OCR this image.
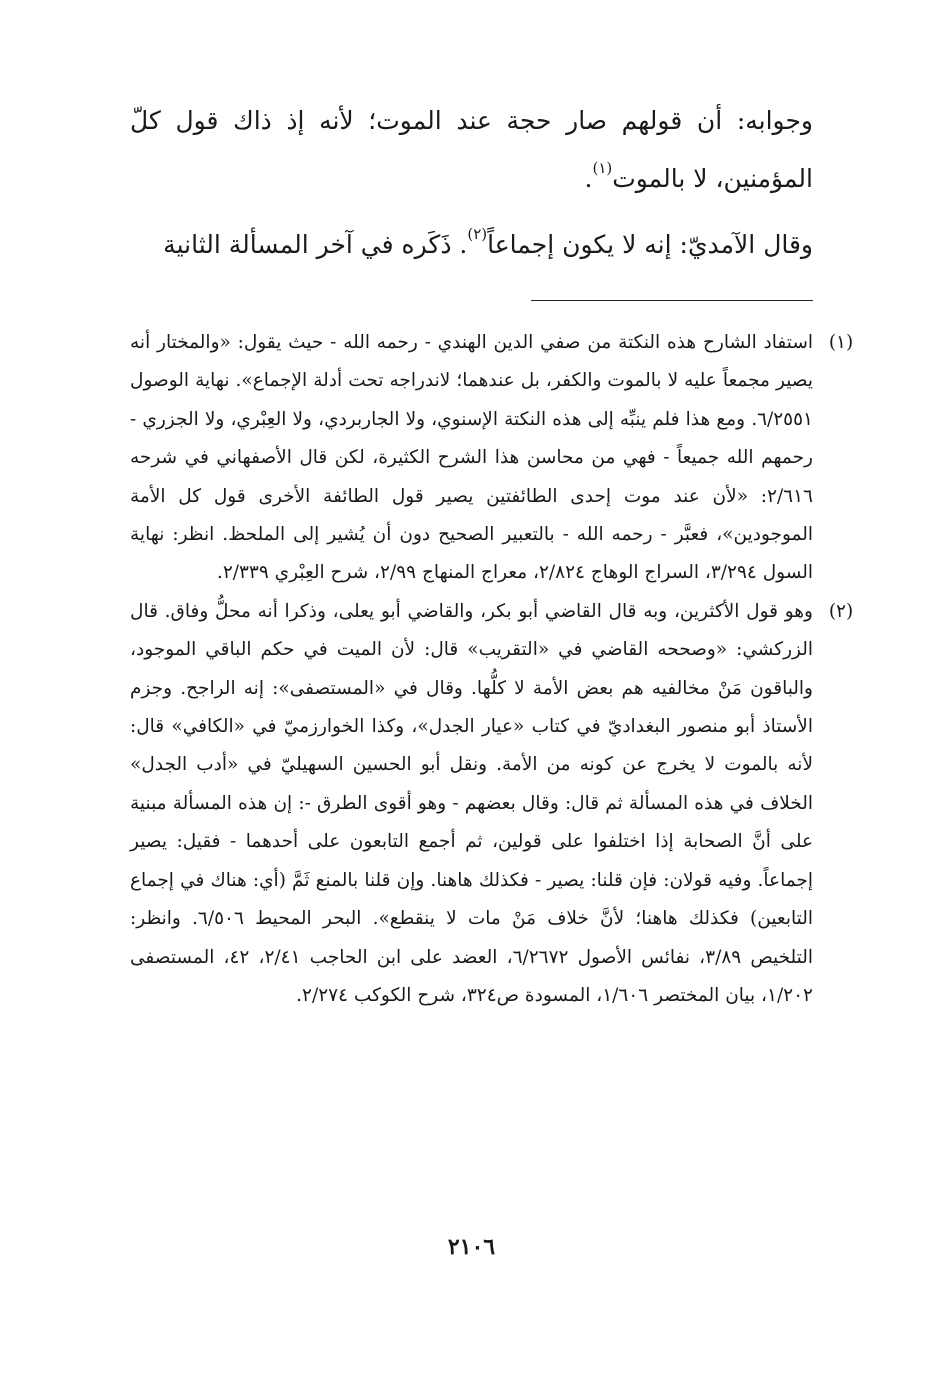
وجوابه: أن قولهم صار حجة عند الموت؛ لأنه إذ ذاك قول كلّ المؤمنين، لا بالموت$^{(١)}$.

وقال الآمديّ: إنه لا يكون إجماعاً$^{(٢)}$. ذَكَره في آخر المسألة الثانية

(١)
استفاد الشارح هذه النكتة من صفي الدين الهندي - رحمه الله - حيث يقول: «والمختار أنه يصير مجمعاً عليه لا بالموت والكفر، بل عندهما؛ لاندراجه تحت أدلة الإجماع». نهاية الوصول ٦/٢٥٥١. ومع هذا فلم ينبِّه إلى هذه النكتة الإسنوي، ولا الجاربردي، ولا العِبْري، ولا الجزري - رحمهم الله جميعاً - فهي من محاسن هذا الشرح الكثيرة، لكن قال الأصفهاني في شرحه ٢/٦١٦: «لأن عند موت إحدى الطائفتين يصير قول الطائفة الأخرى قول كل الأمة الموجودين»، فعبَّر - رحمه الله - بالتعبير الصحيح دون أن يُشير إلى الملحظ. انظر: نهاية السول ٣/٢٩٤، السراج الوهاج ٢/٨٢٤، معراج المنهاج ٢/٩٩، شرح العِبْري ٢/٣٣٩.

(٢)
وهو قول الأكثرين، وبه قال القاضي أبو بكر، والقاضي أبو يعلى، وذكرا أنه محلُّ وفاق. قال الزركشي: «وصححه القاضي في «التقريب» قال: لأن الميت في حكم الباقي الموجود، والباقون مَنْ مخالفيه هم بعض الأمة لا كلُّها. وقال في «المستصفى»: إنه الراجح. وجزم الأستاذ أبو منصور البغداديّ في كتاب «عيار الجدل»، وكذا الخوارزميّ في «الكافي» قال: لأنه بالموت لا يخرج عن كونه من الأمة. ونقل أبو الحسين السهيليّ في «أدب الجدل» الخلاف في هذه المسألة ثم قال: وقال بعضهم - وهو أقوى الطرق -: إن هذه المسألة مبنية على أنَّ الصحابة إذا اختلفوا على قولين، ثم أجمع التابعون على أحدهما - فقيل: يصير إجماعاً. وفيه قولان: فإن قلنا: يصير - فكذلك هاهنا. وإن قلنا بالمنع ثَمَّ (أي: هناك في إجماع التابعين) فكذلك هاهنا؛ لأنَّ خلاف مَنْ مات لا ينقطع». البحر المحيط ٦/٥٠٦. وانظر: التلخيص ٣/٨٩، نفائس الأصول ٦/٢٦٧٢، العضد على ابن الحاجب ٢/٤١، ٤٢، المستصفى ١/٢٠٢، بيان المختصر ١/٦٠٦، المسودة ص٣٢٤، شرح الكوكب ٢/٢٧٤.

٢١٠٦
